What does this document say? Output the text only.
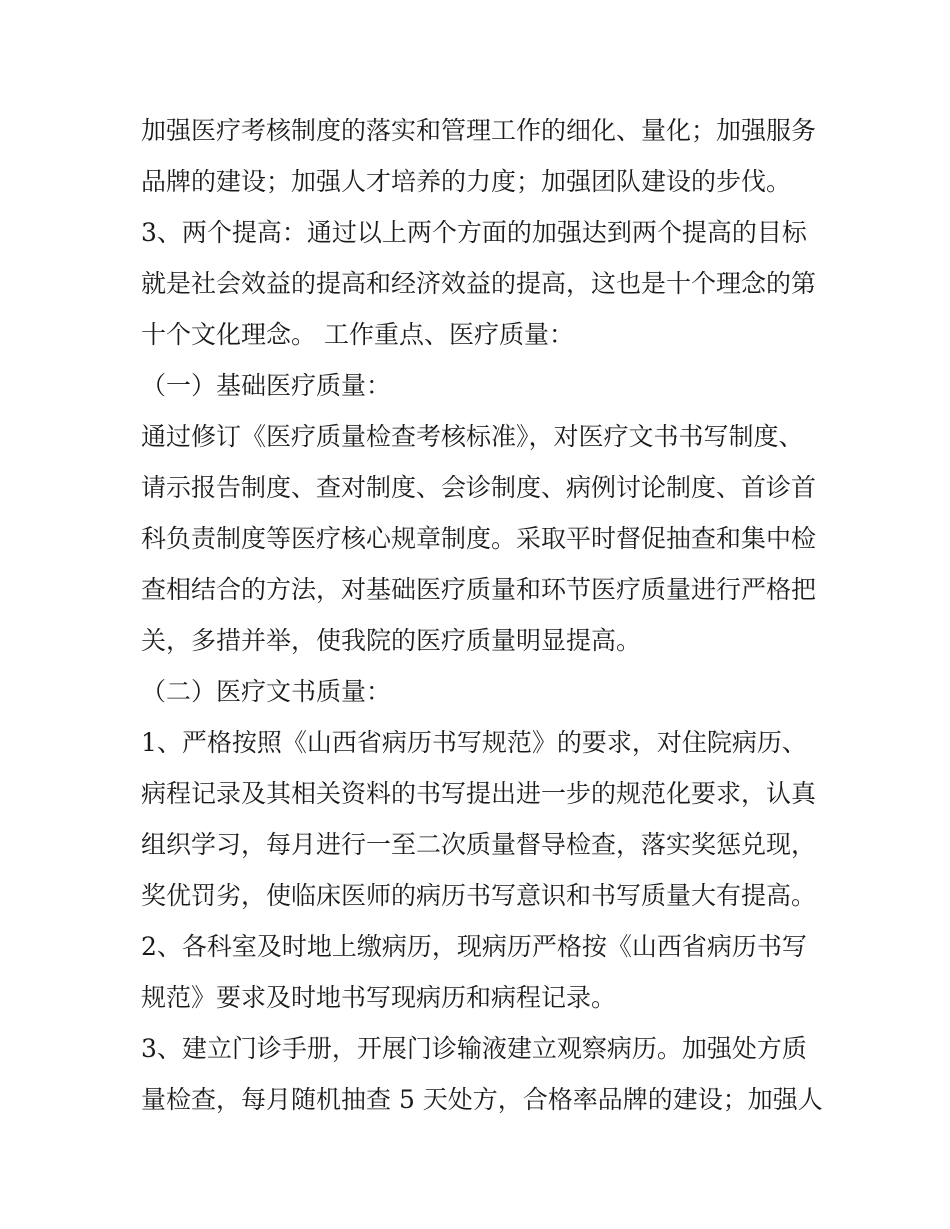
加强医疗考核制度的落实和管理工作的细化、量化；加强服务
品牌的建设；加强人才培养的力度；加强团队建设的步伐。
3、两个提高：通过以上两个方面的加强达到两个提高的目标
就是社会效益的提高和经济效益的提高，这也是十个理念的第
十个文化理念。 工作重点、医疗质量：
（一）基础医疗质量：
通过修订《医疗质量检查考核标准》，对医疗文书书写制度、
请示报告制度、查对制度、会诊制度、病例讨论制度、首诊首
科负责制度等医疗核心规章制度。采取平时督促抽查和集中检
查相结合的方法，对基础医疗质量和环节医疗质量进行严格把
关，多措并举，使我院的医疗质量明显提高。
（二）医疗文书质量：
1、严格按照《山西省病历书写规范》的要求，对住院病历、
病程记录及其相关资料的书写提出进一步的规范化要求，认真
组织学习，每月进行一至二次质量督导检查，落实奖惩兑现，
奖优罚劣，使临床医师的病历书写意识和书写质量大有提高。
2、各科室及时地上缴病历，现病历严格按《山西省病历书写
规范》要求及时地书写现病历和病程记录。
3、建立门诊手册，开展门诊输液建立观察病历。加强处方质
量检查，每月随机抽查 5 天处方，合格率品牌的建设；加强人
